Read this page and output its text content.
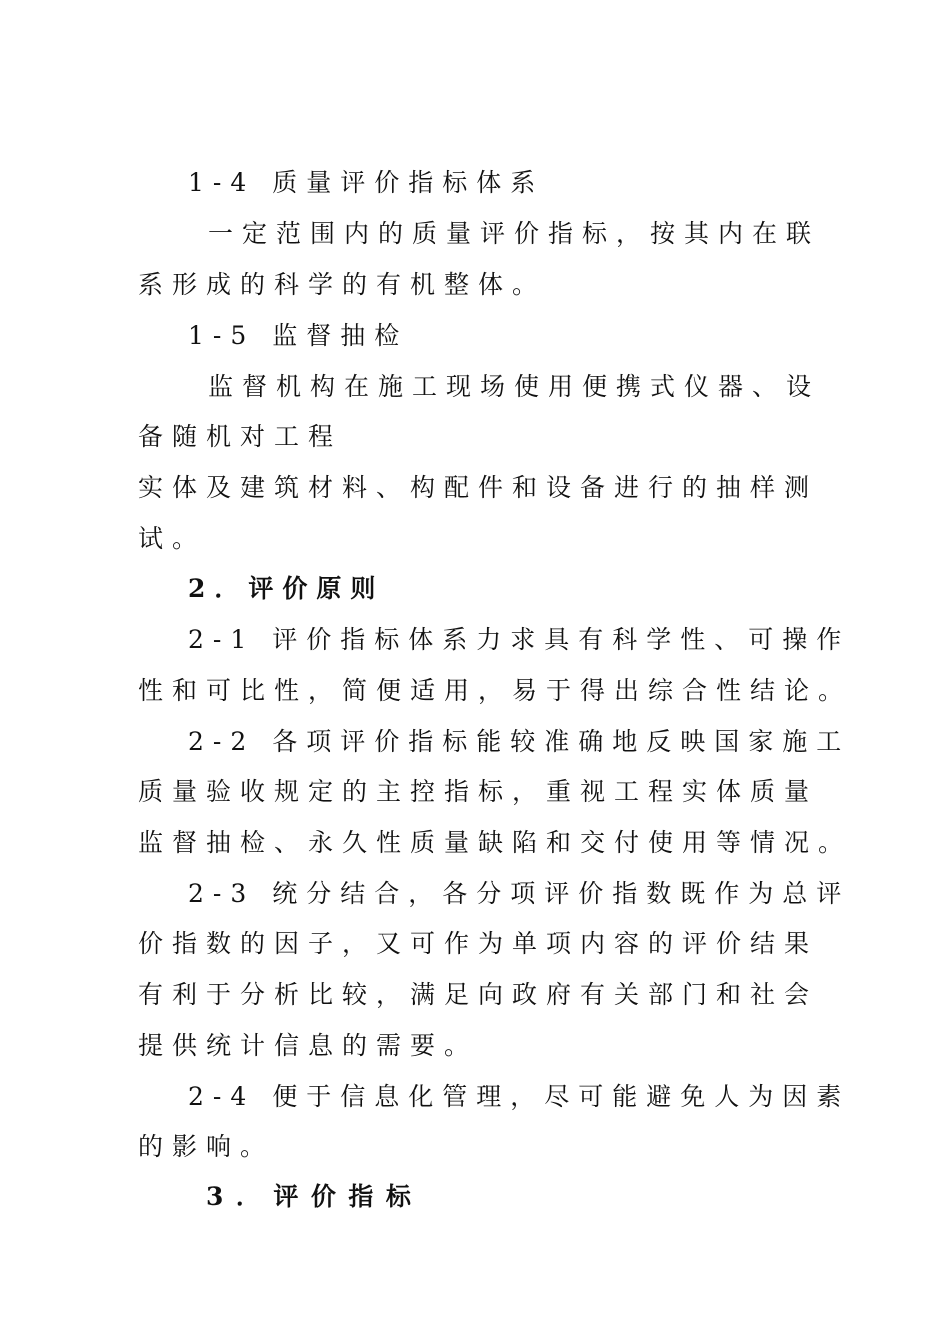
1-4 质量评价指标体系
一定范围内的质量评价指标，按其内在联
系形成的科学的有机整体。
1-5 监督抽检
监督机构在施工现场使用便携式仪器、设
备随机对工程
实体及建筑材料、构配件和设备进行的抽样测
试。
2．评价原则
2-1 评价指标体系力求具有科学性、可操作
性和可比性，简便适用，易于得出综合性结论。
2-2 各项评价指标能较准确地反映国家施工
质量验收规定的主控指标，重视工程实体质量
监督抽检、永久性质量缺陷和交付使用等情况。
2-3 统分结合，各分项评价指数既作为总评
价指数的因子，又可作为单项内容的评价结果
有利于分析比较，满足向政府有关部门和社会
提供统计信息的需要。
2-4 便于信息化管理，尽可能避免人为因素
的影响。
3．评价指标
